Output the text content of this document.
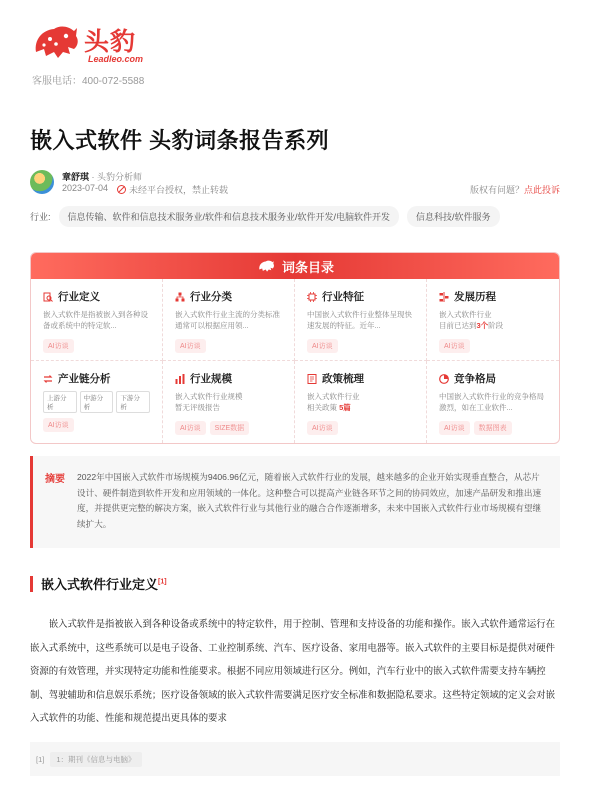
头豹
Leadleo.com
客服电话：400-072-5588
嵌入式软件 头豹词条报告系列
章舒琪 · 头豹分析师
2023-07-04 未经平台授权，禁止转载	版权有问题？点此投诉
行业:	信息传输、软件和信息技术服务业/软件和信息技术服务业/软件开发/电脑软件开发	信息科技/软件服务
词条目录
行业定义
嵌入式软件是指被嵌入到各种设备或系统中的特定软...
AI访谈
行业分类
嵌入式软件行业主流的分类标准通常可以根据应用领...
AI访谈
行业特征
中国嵌入式软件行业整体呈现快速发展的特征。近年...
AI访谈
发展历程
嵌入式软件行业
目前已达到3个阶段
AI访谈
产业链分析
上游分析
中游分析
下游分析
AI访谈
行业规模
嵌入式软件行业规模
暂无评级报告
AI访谈	SIZE数据
政策梳理
嵌入式软件行业
相关政策 5篇
AI访谈
竞争格局
中国嵌入式软件行业的竞争格局激烈，如在工业软件...
AI访谈	数据图表
摘要 2022年中国嵌入式软件市场规模为9406.96亿元，随着嵌入式软件行业的发展，越来越多的企业开始实现垂直整合，从芯片设计、硬件制造到软件开发和应用领域的一体化。这种整合可以提高产业链各环节之间的协同效应，加速产品研发和推出速度，并提供更完整的解决方案，嵌入式软件行业与其他行业的融合合作逐渐增多，未来中国嵌入式软件行业市场规模有望继续扩大。

嵌入式软件行业定义[1]

嵌入式软件是指被嵌入到各种设备或系统中的特定软件，用于控制、管理和支持设备的功能和操作。嵌入式软件通常运行在嵌入式系统中，这些系统可以是电子设备、工业控制系统、汽车、医疗设备、家用电器等。嵌入式软件的主要目标是提供对硬件资源的有效管理，并实现特定功能和性能要求。根据不同应用领域进行区分。例如，汽车行业中的嵌入式软件需要支持车辆控制、驾驶辅助和信息娱乐系统；医疗设备领域的嵌入式软件需要满足医疗安全标准和数据隐私要求。这些特定领域的定义会对嵌入式软件的功能、性能和规范提出更具体的要求

[1]	1：期刊《信息与电脑》
